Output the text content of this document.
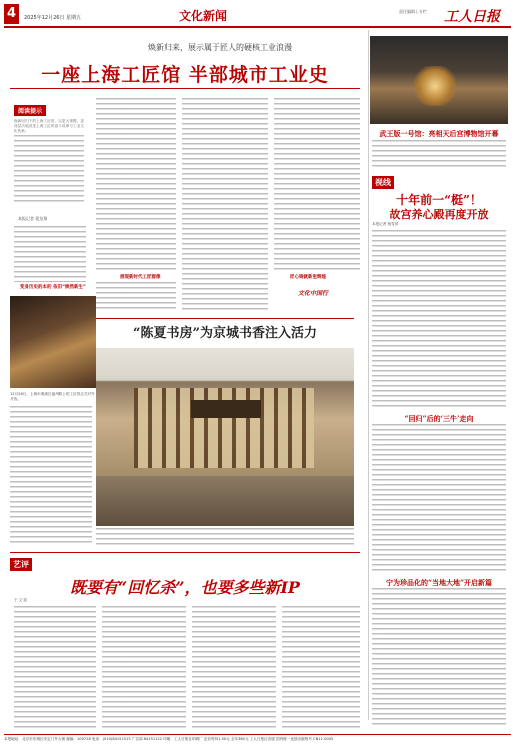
4	2025年12月26日 星期五	文化新闻	责任编辑 | 专栏 工人日报
焕新归来，展示属于匠人的硬核工业浪漫
一座上海工匠馆 半部城市工业史
阅读提示
焕新回归下的上海工匠馆，以更大规模、更深层次地讲述上海工匠的奋斗故事与工业文化传承。
本报记者 裴龙翔
变身历史的本的 依旧“焕然新生”
展现新时代工匠群像	匠心铸就新里辉煌
文化中国行
12月26日，上海市黄浦区福州路上的工匠馆正式对外开放。
“陈夏书房”为京城书香注入活力
武王版一号馆：亮相天后宫博物馆开幕
视线
十年前一“梃”！
故宫养心殿再度开放
本报记者 杨雪萍
“回归”后的‘三牛’走向
宁为珍品化的“当地大地”开启新篇
艺评
既要有“回忆杀”，也要多些新IP
于 文 凯
本报地址：北京市东城区安定门外大街 邮编：100718 电话：(010)84151515 广告部 84151122 印刷：工人日报社印刷厂 定价每份1.50元 全年360元 工人日报社出版 国内统一连续出版物号 CN11-0005
